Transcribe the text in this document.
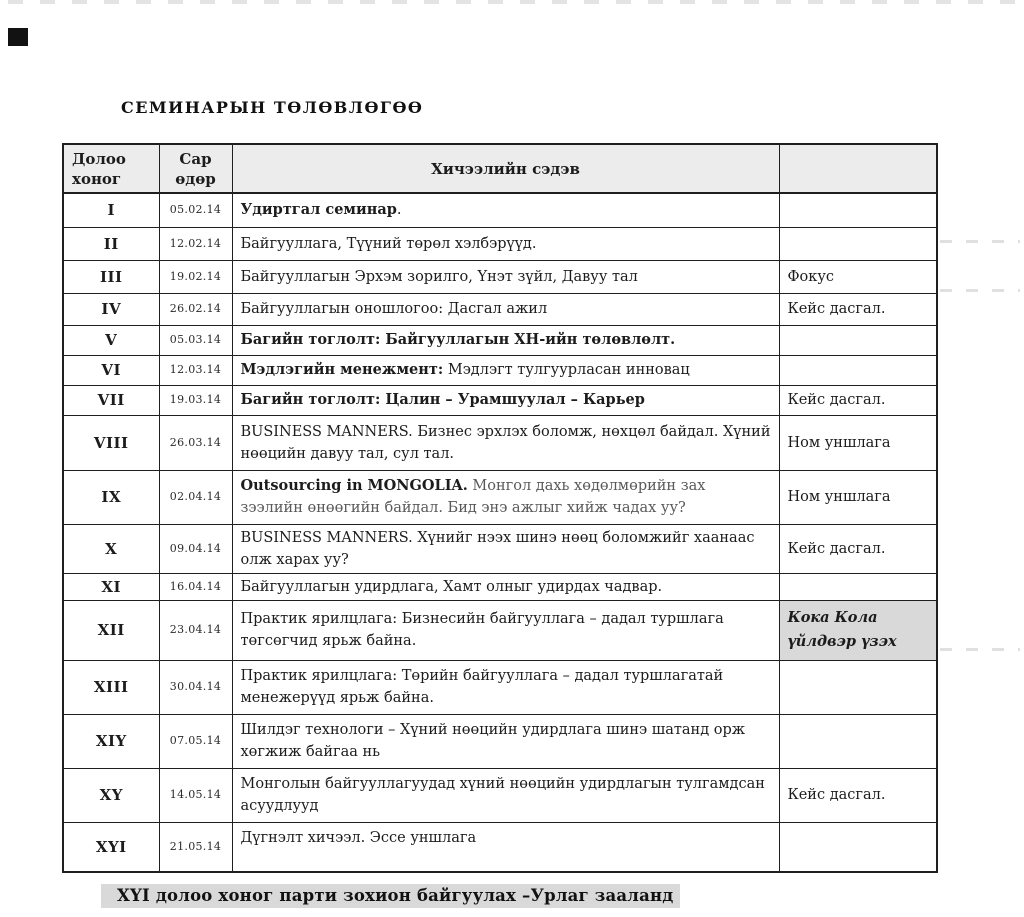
СЕМИНАРЫН ТӨЛӨВЛӨГӨӨ
Долоо хоног	Сар өдөр	Хичээлийн сэдэв	
I	05.02.14	Удиртгал семинар.	
II	12.02.14	Байгууллага, Түүний төрөл хэлбэрүүд.	
III	19.02.14	Байгууллагын Эрхэм зорилго, Үнэт зүйл, Давуу тал	Фокус
IV	26.02.14	Байгууллагын оношлогоо: Дасгал ажил	Кейс дасгал.
V	05.03.14	Багийн тоглолт: Байгууллагын ХН-ийн төлөвлөлт.	
VI	12.03.14	Мэдлэгийн менежмент: Мэдлэгт тулгуурласан инновац	
VII	19.03.14	Багийн тоглолт: Цалин – Урамшуулал – Карьер	Кейс дасгал.
VIII	26.03.14	BUSINESS MANNERS. Бизнес эрхлэх боломж, нөхцөл байдал. Хүний нөөцийн давуу тал, сул тал.	Ном уншлага
IX	02.04.14	Outsourcing in MONGOLIA. Монгол дахь хөдөлмөрийн зах зээлийн өнөөгийн байдал. Бид энэ ажлыг хийж чадах уу?	Ном уншлага
X	09.04.14	BUSINESS MANNERS. Хүнийг нээх шинэ нөөц боломжийг хаанаас олж харах уу?	Кейс дасгал.
XI	16.04.14	Байгууллагын удирдлага, Хамт олныг удирдах чадвар.	
XII	23.04.14	Практик ярилцлага: Бизнесийн байгууллага – дадал туршлага төгсөгчид ярьж байна.	Кока Кола үйлдвэр үзэх
XIII	30.04.14	Практик ярилцлага: Төрийн байгууллага – дадал туршлагатай менежерүүд ярьж байна.	
XIY	07.05.14	Шилдэг технологи – Хүний нөөцийн удирдлага шинэ шатанд орж хөгжиж байгаа нь	
XY	14.05.14	Монголын байгууллагуудад хүний нөөцийн удирдлагын тулгамдсан асуудлууд	Кейс дасгал.
XYI	21.05.14	Дүгнэлт хичээл. Эссе уншлага	
XYI долоо хоног парти зохион байгуулах –Урлаг зааланд
